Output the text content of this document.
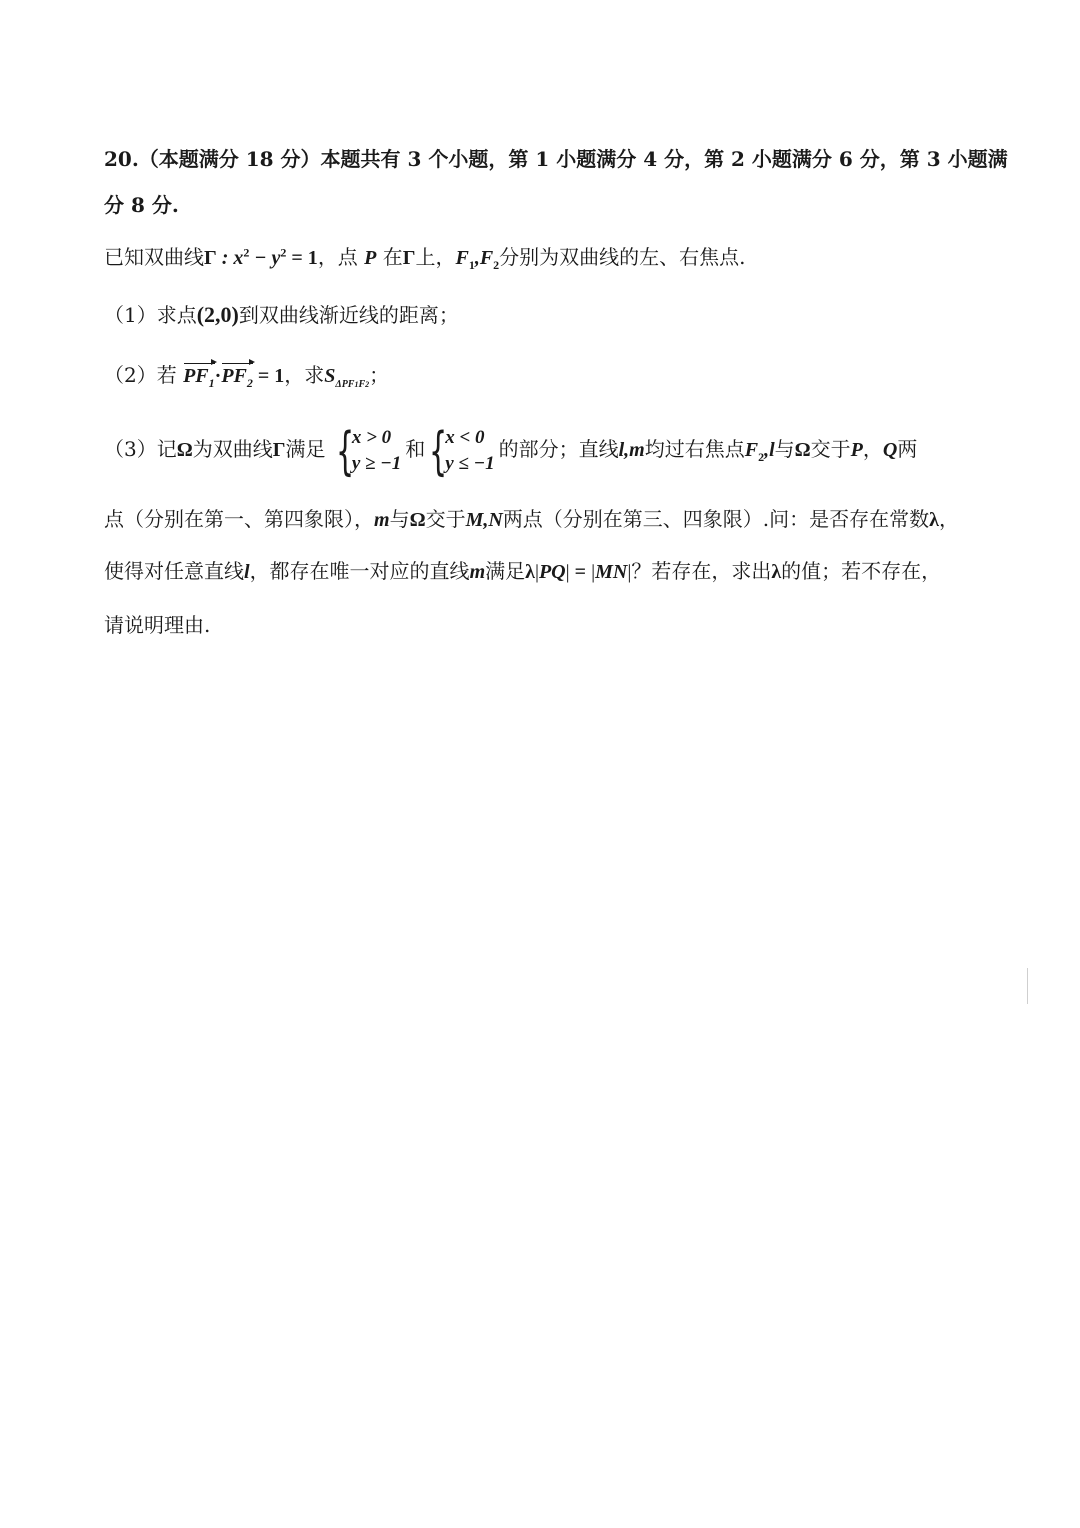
20.（本题满分 18 分）本题共有 3 个小题，第 1 小题满分 4 分，第 2 小题满分 6 分，第 3 小题满
分 8 分.
已知双曲线Γ : $x^2 - y^2 = 1$，点 P 在Γ上，$F_1,F_2$分别为双曲线的左、右焦点.
（1）求点(2,0)到双曲线渐近线的距离；
（2）若 $PF_1\cdot PF_2 = 1$，求$S_{\Delta PF1F2}$；
（3）记Ω为双曲线Γ满足 {
x > 0
y ≥ −1
和 {
x < 0
y ≤ −1
的部分；直线l,m均过右焦点$F_2,l$与Ω交于P，Q两
点（分别在第一、第四象限），m与Ω交于M,N两点（分别在第三、四象限）.问：是否存在常数λ，
使得对任意直线l，都存在唯一对应的直线m满足λ|PQ| = |MN|？若存在，求出λ的值；若不存在，
请说明理由.
